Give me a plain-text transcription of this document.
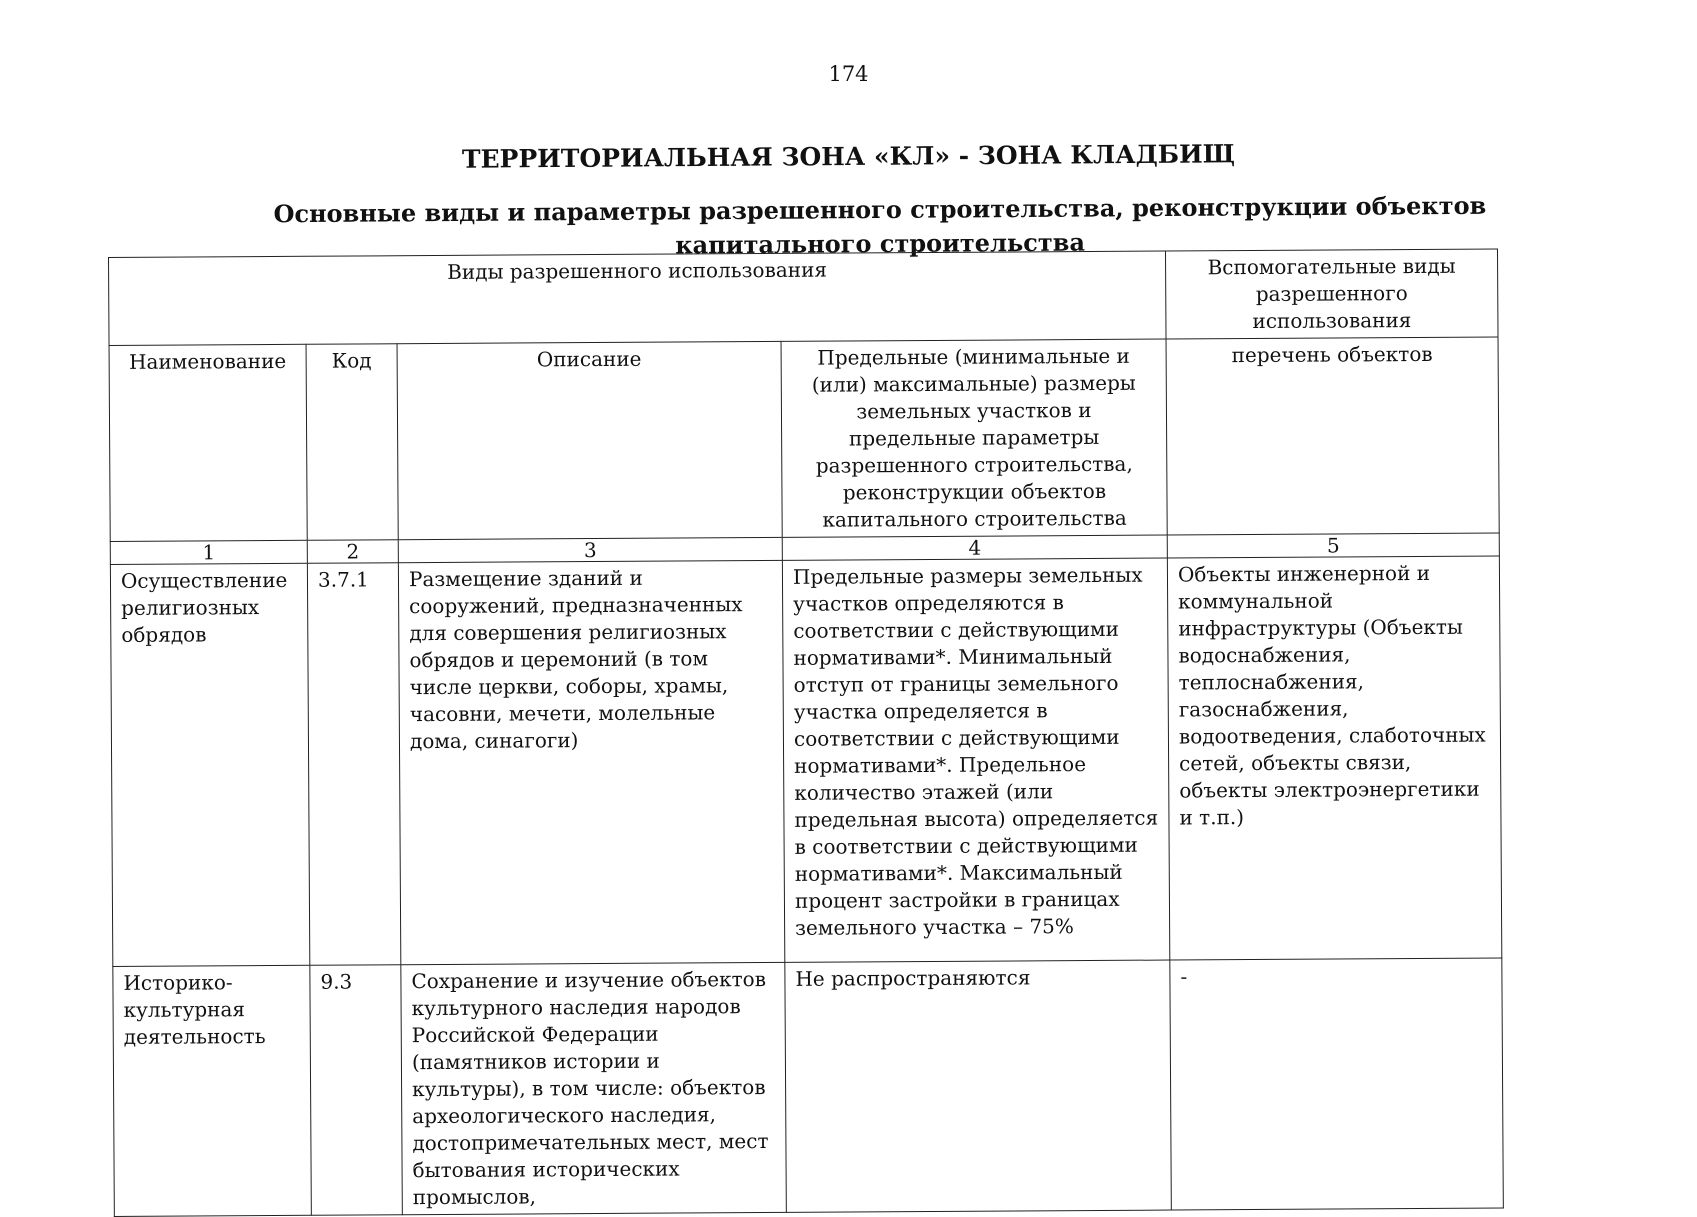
174
ТЕРРИТОРИАЛЬНАЯ ЗОНА «КЛ» - ЗОНА КЛАДБИЩ
Основные виды и параметры разрешенного строительства, реконструкции объектов капитального строительства
Виды разрешенного использования				Вспомогательные виды разрешенного использования
Наименование	Код	Описание	Предельные (минимальные и (или) максимальные) размеры земельных участков и предельные параметры разрешенного строительства, реконструкции объектов капитального строительства	перечень объектов
1	2	3	4	5
Осуществление религиозных обрядов	3.7.1	Размещение зданий и сооружений, предназначенных для совершения религиозных обрядов и церемоний (в том числе церкви, соборы, храмы, часовни, мечети, молельные дома, синагоги)	Предельные размеры земельных участков определяются в соответствии с действующими нормативами*. Минимальный отступ от границы земельного участка определяется в соответствии с действующими нормативами*. Предельное количество этажей (или предельная высота) определяется в соответствии с действующими нормативами*. Максимальный процент застройки в границах земельного участка – 75%	Объекты инженерной и коммунальной инфраструктуры (Объекты водоснабжения, теплоснабжения, газоснабжения, водоотведения, слаботочных сетей, объекты связи, объекты электроэнергетики и т.п.)
Историко-культурная деятельность	9.3	Сохранение и изучение объектов культурного наследия народов Российской Федерации (памятников истории и культуры), в том числе: объектов археологического наследия, достопримечательных мест, мест бытования исторических промыслов,	Не распространяются	-
